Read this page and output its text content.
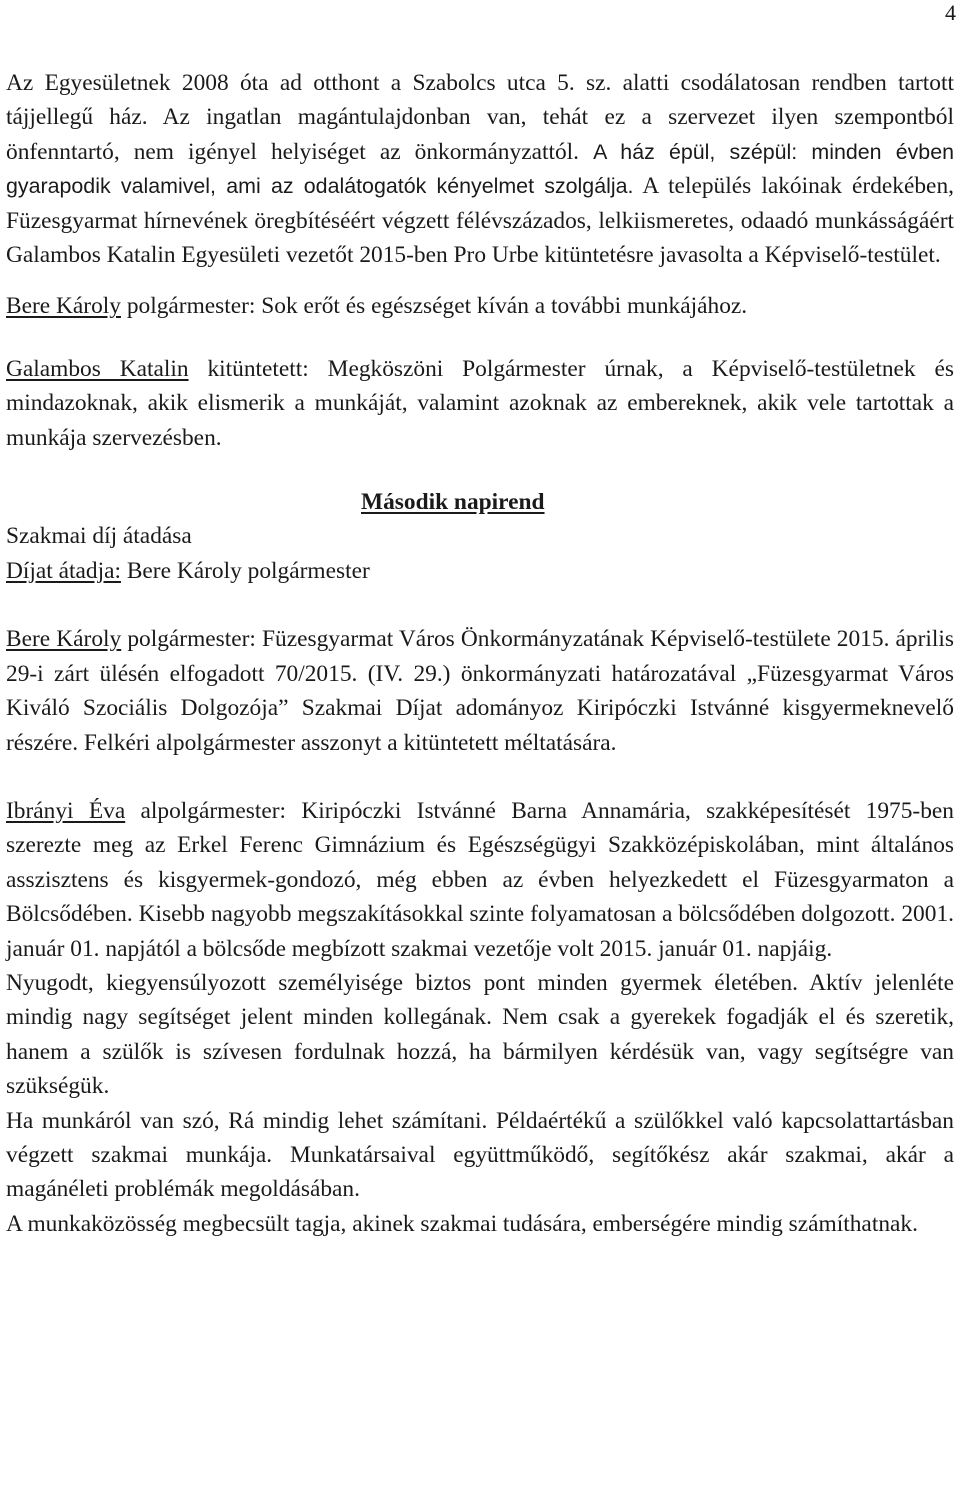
4

Az Egyesületnek 2008 óta ad otthont a Szabolcs utca 5. sz. alatti csodálatosan rendben tartott tájjellegű ház. Az ingatlan magántulajdonban van, tehát ez a szervezet ilyen szempontból önfenntartó, nem igényel helyiséget az önkormányzattól. A ház épül, szépül: minden évben gyarapodik valamivel, ami az odalátogatók kényelmet szolgálja. A település lakóinak érdekében, Füzesgyarmat hírnevének öregbítéséért végzett félévszázados, lelkiismeretes, odaadó munkásságáért Galambos Katalin Egyesületi vezetőt 2015-ben Pro Urbe kitüntetésre javasolta a Képviselő-testület.

Bere Károly polgármester: Sok erőt és egészséget kíván a további munkájához.

Galambos Katalin kitüntetett: Megköszöni Polgármester úrnak, a Képviselő-testületnek és mindazoknak, akik elismerik a munkáját, valamint azoknak az embereknek, akik vele tartottak a munkája szervezésben.

Második napirend

Szakmai díj átadása

Díjat átadja: Bere Károly polgármester

Bere Károly polgármester: Füzesgyarmat Város Önkormányzatának Képviselő-testülete 2015. április 29-i zárt ülésén elfogadott 70/2015. (IV. 29.) önkormányzati határozatával „Füzesgyarmat Város Kiváló Szociális Dolgozója” Szakmai Díjat adományoz Kiripóczki Istvánné kisgyermeknevelő részére. Felkéri alpolgármester asszonyt a kitüntetett méltatására.

Ibrányi Éva alpolgármester: Kiripóczki Istvánné Barna Annamária, szakképesítését 1975-ben szerezte meg az Erkel Ferenc Gimnázium és Egészségügyi Szakközépiskolában, mint általános asszisztens és kisgyermek-gondozó, még ebben az évben helyezkedett el Füzesgyarmaton a Bölcsődében. Kisebb nagyobb megszakításokkal szinte folyamatosan a bölcsődében dolgozott. 2001. január 01. napjától a bölcsőde megbízott szakmai vezetője volt 2015. január 01. napjáig.

Nyugodt, kiegyensúlyozott személyisége biztos pont minden gyermek életében. Aktív jelenléte mindig nagy segítséget jelent minden kollegának. Nem csak a gyerekek fogadják el és szeretik, hanem a szülők is szívesen fordulnak hozzá, ha bármilyen kérdésük van, vagy segítségre van szükségük.

Ha munkáról van szó, Rá mindig lehet számítani. Példaértékű a szülőkkel való kapcsolattartásban végzett szakmai munkája. Munkatársaival együttműködő, segítőkész akár szakmai, akár a magánéleti problémák megoldásában.

A munkaközösség megbecsült tagja, akinek szakmai tudására, emberségére mindig számíthatnak.
